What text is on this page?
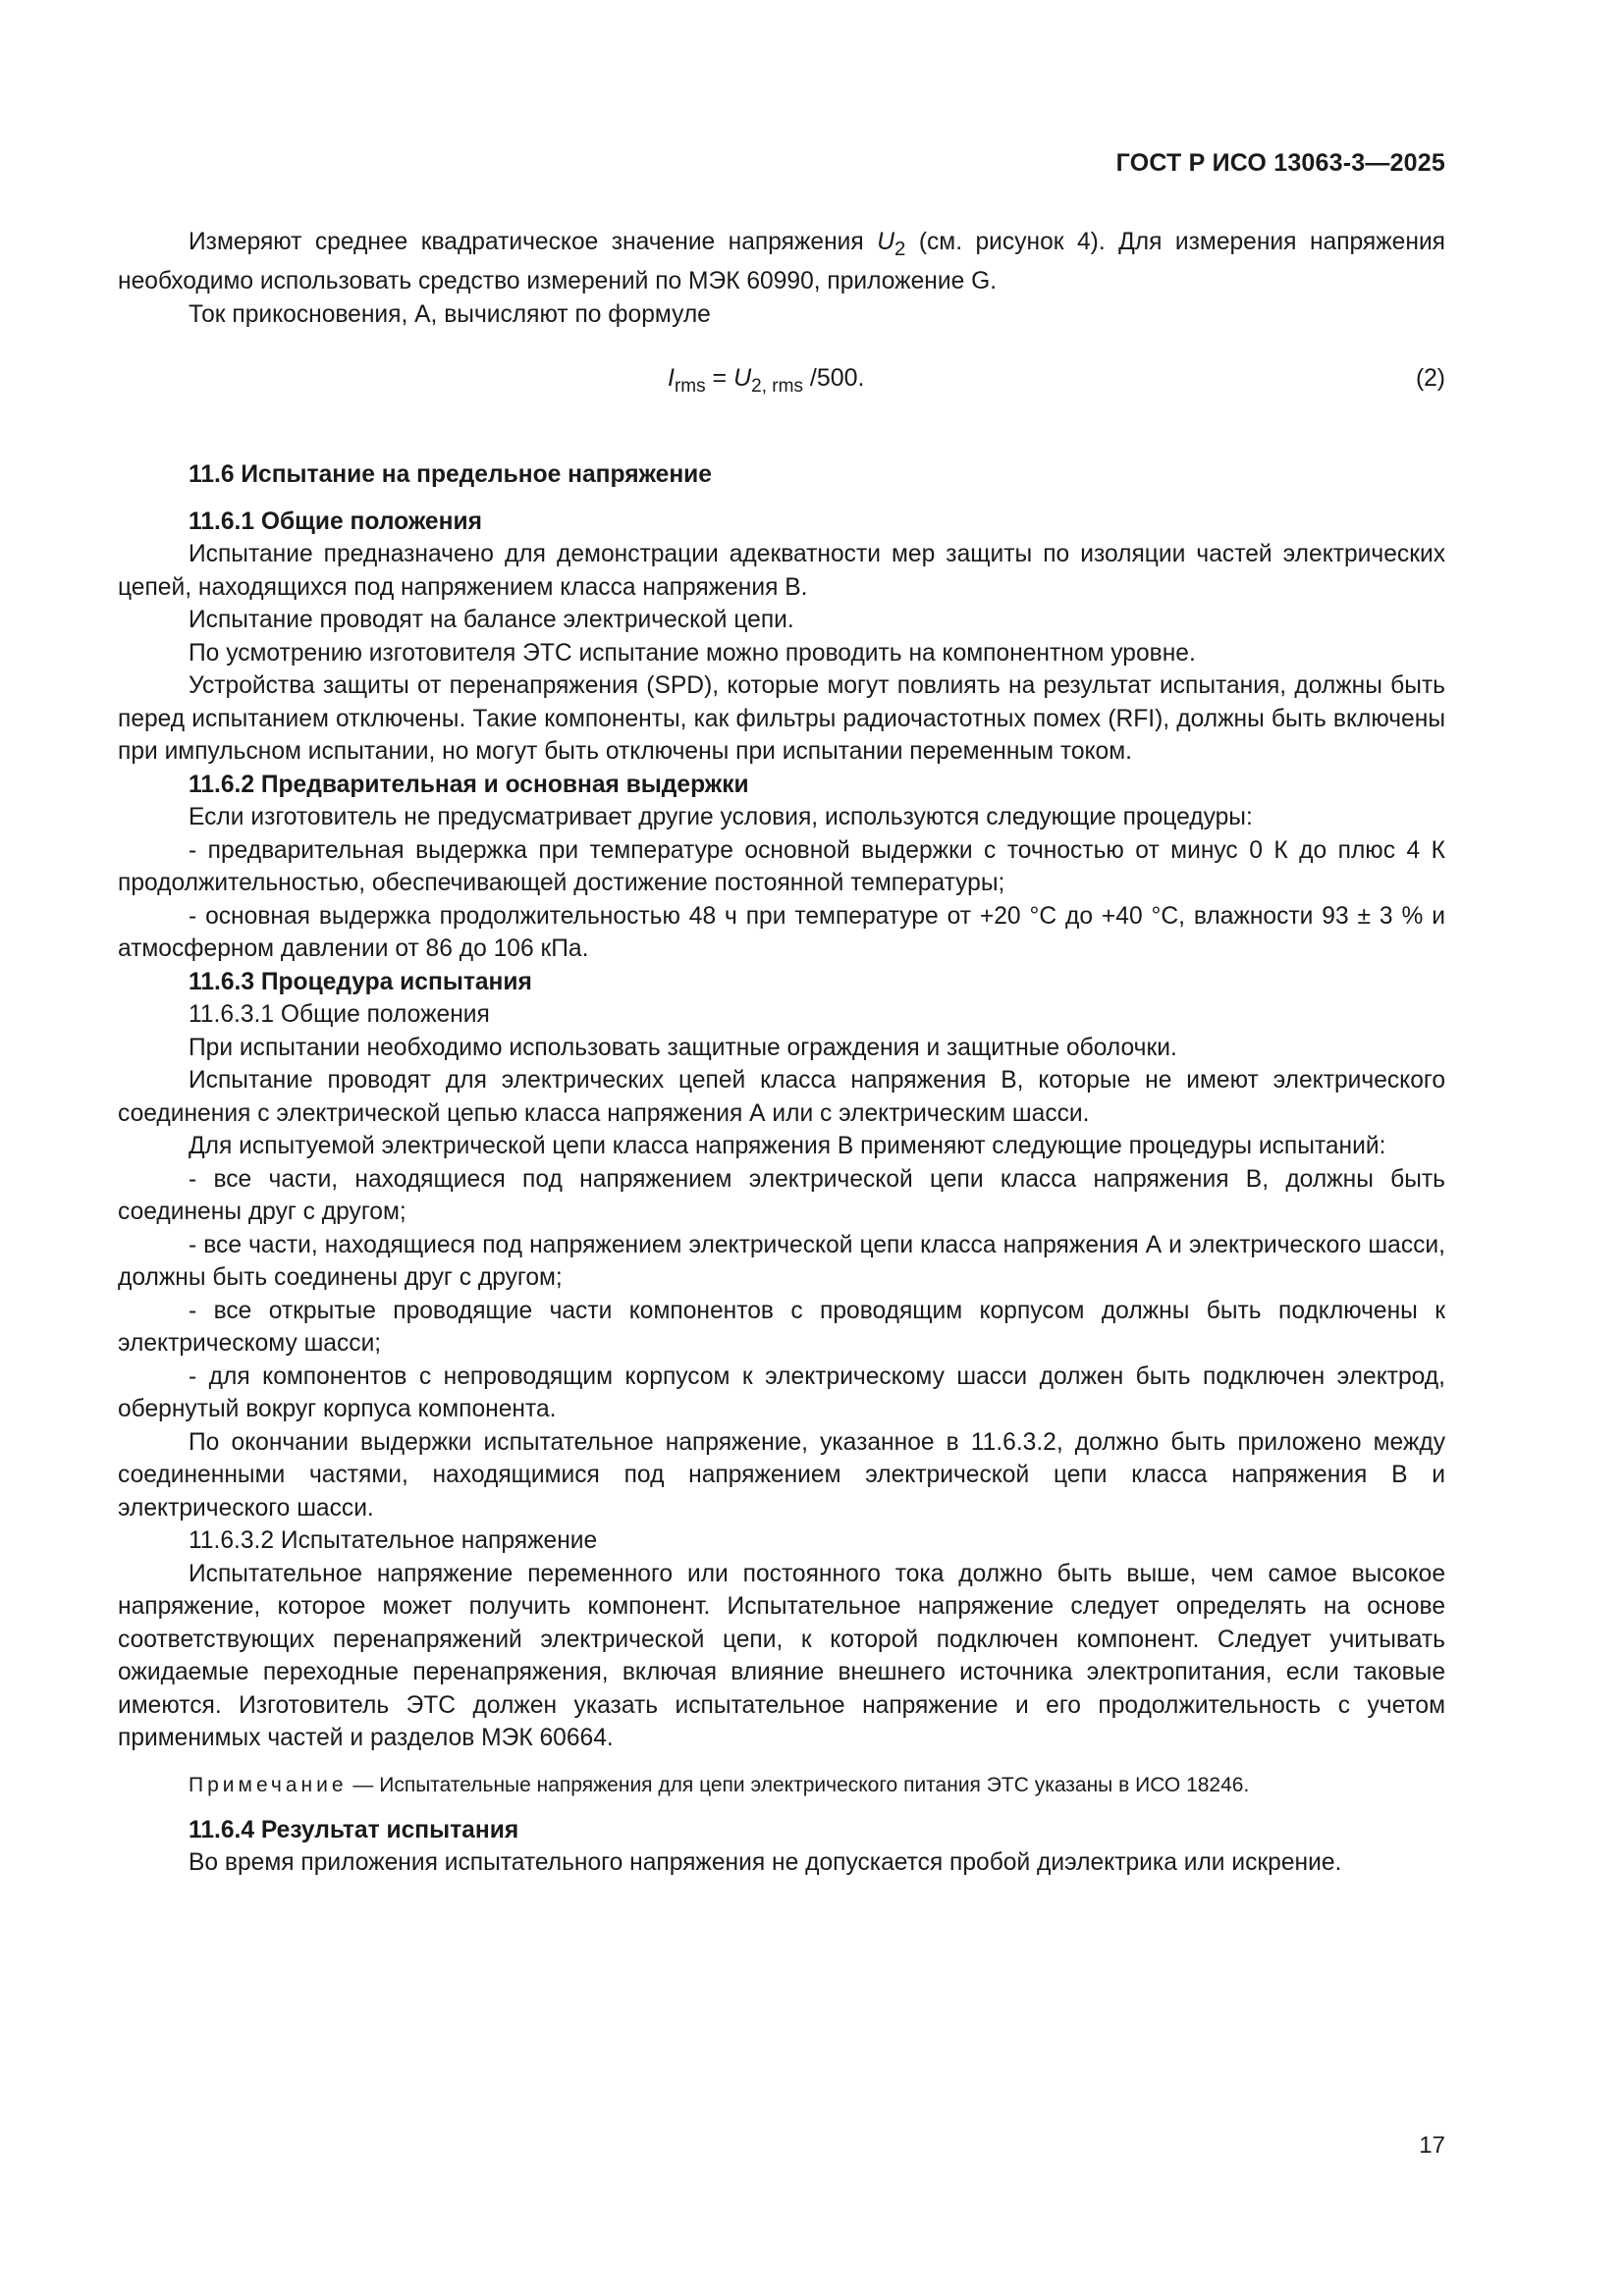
ГОСТ Р ИСО 13063-3—2025

Измеряют среднее квадратическое значение напряжения $U_2$ (см. рисунок 4). Для измерения напряжения необходимо использовать средство измерений по МЭК 60990, приложение G.

Ток прикосновения, А, вычисляют по формуле

$I_{rms} = U_{2, rms}$ /500.	(2)

11.6 Испытание на предельное напряжение

11.6.1 Общие положения

Испытание предназначено для демонстрации адекватности мер защиты по изоляции частей электрических цепей, находящихся под напряжением класса напряжения В.

Испытание проводят на балансе электрической цепи.

По усмотрению изготовителя ЭТС испытание можно проводить на компонентном уровне.

Устройства защиты от перенапряжения (SPD), которые могут повлиять на результат испытания, должны быть перед испытанием отключены. Такие компоненты, как фильтры радиочастотных помех (RFI), должны быть включены при импульсном испытании, но могут быть отключены при испытании переменным током.

11.6.2 Предварительная и основная выдержки

Если изготовитель не предусматривает другие условия, используются следующие процедуры:

- предварительная выдержка при температуре основной выдержки с точностью от минус 0 К до плюс 4 К продолжительностью, обеспечивающей достижение постоянной температуры;

- основная выдержка продолжительностью 48 ч при температуре от +20 °C до +40 °C, влажности 93 ± 3 % и атмосферном давлении от 86 до 106 кПа.

11.6.3 Процедура испытания

11.6.3.1 Общие положения

При испытании необходимо использовать защитные ограждения и защитные оболочки.

Испытание проводят для электрических цепей класса напряжения В, которые не имеют электрического соединения с электрической цепью класса напряжения А или с электрическим шасси.

Для испытуемой электрической цепи класса напряжения В применяют следующие процедуры испытаний:

- все части, находящиеся под напряжением электрической цепи класса напряжения В, должны быть соединены друг с другом;

- все части, находящиеся под напряжением электрической цепи класса напряжения А и электрического шасси, должны быть соединены друг с другом;

- все открытые проводящие части компонентов с проводящим корпусом должны быть подключены к электрическому шасси;

- для компонентов с непроводящим корпусом к электрическому шасси должен быть подключен электрод, обернутый вокруг корпуса компонента.

По окончании выдержки испытательное напряжение, указанное в 11.6.3.2, должно быть приложено между соединенными частями, находящимися под напряжением электрической цепи класса напряжения В и электрического шасси.

11.6.3.2 Испытательное напряжение

Испытательное напряжение переменного или постоянного тока должно быть выше, чем самое высокое напряжение, которое может получить компонент. Испытательное напряжение следует определять на основе соответствующих перенапряжений электрической цепи, к которой подключен компонент. Следует учитывать ожидаемые переходные перенапряжения, включая влияние внешнего источника электропитания, если таковые имеются. Изготовитель ЭТС должен указать испытательное напряжение и его продолжительность с учетом применимых частей и разделов МЭК 60664.

Примечание — Испытательные напряжения для цепи электрического питания ЭТС указаны в ИСО 18246.

11.6.4 Результат испытания

Во время приложения испытательного напряжения не допускается пробой диэлектрика или искрение.

17
